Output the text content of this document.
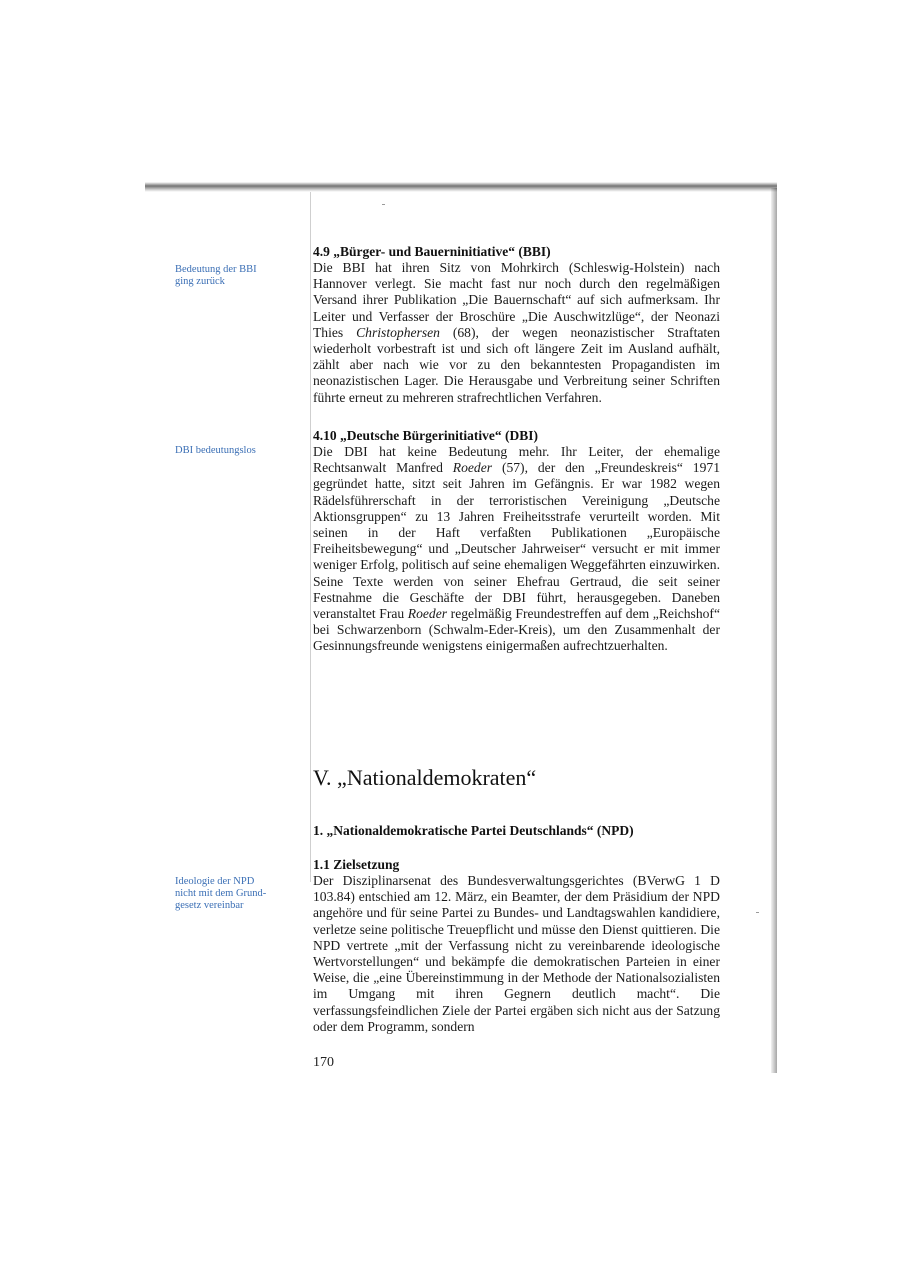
Bedeutung der BBI
ging zurück
DBI bedeutungslos
Ideologie der NPD
nicht mit dem Grund-
gesetz vereinbar
4.9 „Bürger- und Bauerninitiative“ (BBI)

Die BBI hat ihren Sitz von Mohrkirch (Schleswig-Holstein) nach Hannover verlegt. Sie macht fast nur noch durch den regelmäßigen Versand ihrer Publikation „Die Bauernschaft“ auf sich aufmerksam. Ihr Leiter und Verfasser der Broschüre „Die Auschwitzlüge“, der Neonazi Thies Christophersen (68), der wegen neonazistischer Straftaten wiederholt vorbestraft ist und sich oft längere Zeit im Ausland aufhält, zählt aber nach wie vor zu den bekanntesten Propagandisten im neonazistischen Lager. Die Herausgabe und Verbreitung seiner Schriften führte erneut zu mehreren strafrechtlichen Verfahren.

4.10 „Deutsche Bürgerinitiative“ (DBI)

Die DBI hat keine Bedeutung mehr. Ihr Leiter, der ehemalige Rechtsanwalt Manfred Roeder (57), der den „Freundeskreis“ 1971 gegründet hatte, sitzt seit Jahren im Gefängnis. Er war 1982 wegen Rädelsführerschaft in der terroristischen Vereinigung „Deutsche Aktionsgruppen“ zu 13 Jahren Freiheitsstrafe verurteilt worden. Mit seinen in der Haft verfaßten Publikationen „Europäische Freiheitsbewegung“ und „Deutscher Jahrweiser“ versucht er mit immer weniger Erfolg, politisch auf seine ehemaligen Weggefährten einzuwirken. Seine Texte werden von seiner Ehefrau Gertraud, die seit seiner Festnahme die Geschäfte der DBI führt, herausgegeben. Daneben veranstaltet Frau Roeder regelmäßig Freundestreffen auf dem „Reichshof“ bei Schwarzenborn (Schwalm-Eder-Kreis), um den Zusammenhalt der Gesinnungsfreunde wenigstens einigermaßen aufrechtzuerhalten.

V. „Nationaldemokraten“
1. „Nationaldemokratische Partei Deutschlands“ (NPD)
1.1 Zielsetzung

Der Disziplinarsenat des Bundesverwaltungsgerichtes (BVerwG 1 D 103.84) entschied am 12. März, ein Beamter, der dem Präsidium der NPD angehöre und für seine Partei zu Bundes- und Landtagswahlen kandidiere, verletze seine politische Treuepflicht und müsse den Dienst quittieren. Die NPD vertrete „mit der Verfassung nicht zu vereinbarende ideologische Wertvorstellungen“ und bekämpfe die demokratischen Parteien in einer Weise, die „eine Übereinstimmung in der Methode der Nationalsozialisten im Umgang mit ihren Gegnern deutlich macht“. Die verfassungsfeindlichen Ziele der Partei ergäben sich nicht aus der Satzung oder dem Programm, sondern

170
